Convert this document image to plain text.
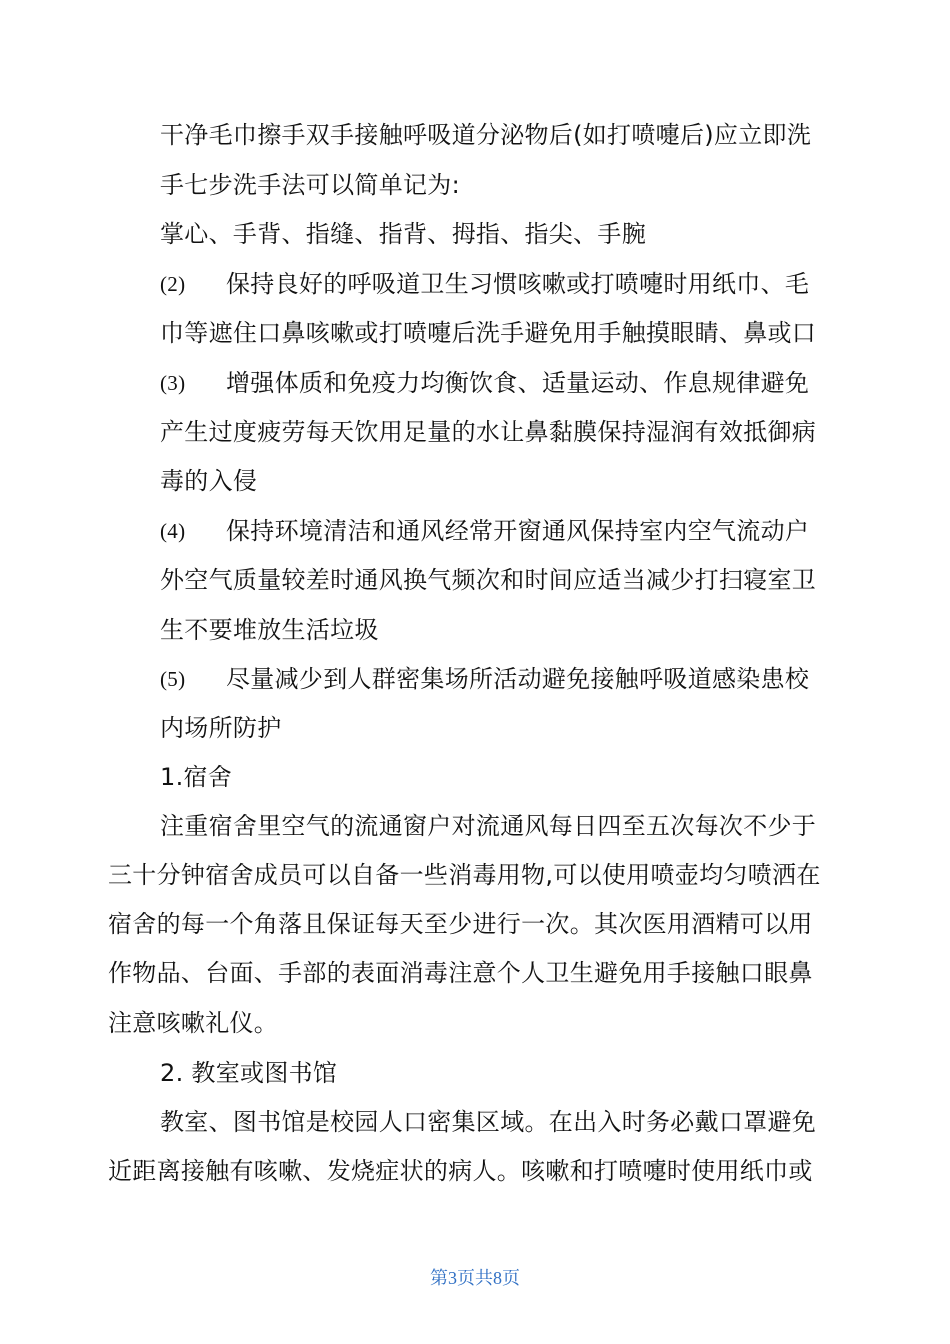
干净毛巾擦手双手接触呼吸道分泌物后(如打喷嚏后)应立即洗
手七步洗手法可以简单记为:
掌心、手背、指缝、指背、拇指、指尖、手腕
(2) 保持良好的呼吸道卫生习惯咳嗽或打喷嚏时用纸巾、毛
巾等遮住口鼻咳嗽或打喷嚏后洗手避免用手触摸眼睛、鼻或口
(3) 增强体质和免疫力均衡饮食、适量运动、作息规律避免
产生过度疲劳每天饮用足量的水让鼻黏膜保持湿润有效抵御病
毒的入侵
(4) 保持环境清洁和通风经常开窗通风保持室内空气流动户
外空气质量较差时通风换气频次和时间应适当减少打扫寝室卫
生不要堆放生活垃圾
(5) 尽量减少到人群密集场所活动避免接触呼吸道感染患校
内场所防护
1.宿舍
注重宿舍里空气的流通窗户对流通风每日四至五次每次不少于
三十分钟宿舍成员可以自备一些消毒用物,可以使用喷壶均匀喷洒在
宿舍的每一个角落且保证每天至少进行一次。其次医用酒精可以用
作物品、台面、手部的表面消毒注意个人卫生避免用手接触口眼鼻
注意咳嗽礼仪。
2. 教室或图书馆
教室、图书馆是校园人口密集区域。在出入时务必戴口罩避免
近距离接触有咳嗽、发烧症状的病人。咳嗽和打喷嚏时使用纸巾或
第3页共8页
